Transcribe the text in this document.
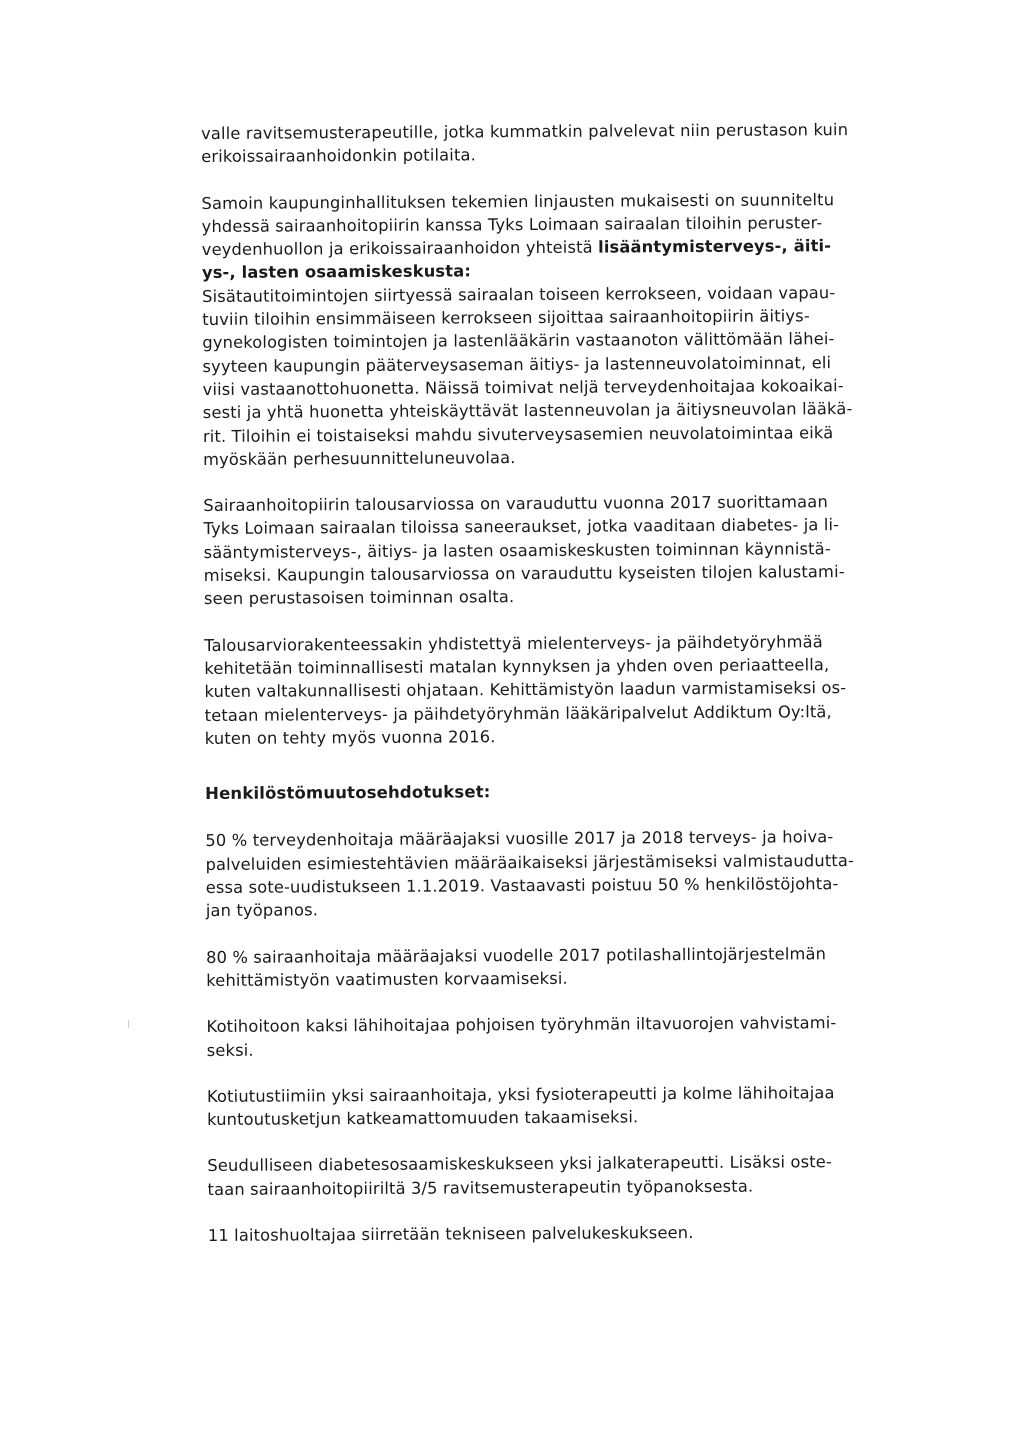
valle ravitsemusterapeutille, jotka kummatkin palvelevat niin perustason kuin
erikoissairaanhoidonkin potilaita.
Samoin kaupunginhallituksen tekemien linjausten mukaisesti on suunniteltu
yhdessä sairaanhoitopiirin kanssa Tyks Loimaan sairaalan tiloihin peruster-
veydenhuollon ja erikoissairaanhoidon yhteistä lisääntymisterveys-, äiti-
ys-, lasten osaamiskeskusta:
Sisätautitoimintojen siirtyessä sairaalan toiseen kerrokseen, voidaan vapau-
tuviin tiloihin ensimmäiseen kerrokseen sijoittaa sairaanhoitopiirin äitiys-
gynekologisten toimintojen ja lastenlääkärin vastaanoton välittömään lähei-
syyteen kaupungin pääterveysaseman äitiys- ja lastenneuvolatoiminnat, eli
viisi vastaanottohuonetta. Näissä toimivat neljä terveydenhoitajaa kokoaikai-
sesti ja yhtä huonetta yhteiskäyttävät lastenneuvolan ja äitiysneuvolan lääkä-
rit. Tiloihin ei toistaiseksi mahdu sivuterveysasemien neuvolatoimintaa eikä
myöskään perhesuunnitteluneuvolaa.
Sairaanhoitopiirin talousarviossa on varauduttu vuonna 2017 suorittamaan
Tyks Loimaan sairaalan tiloissa saneeraukset, jotka vaaditaan diabetes- ja li-
sääntymisterveys-, äitiys- ja lasten osaamiskeskusten toiminnan käynnistä-
miseksi. Kaupungin talousarviossa on varauduttu kyseisten tilojen kalustami-
seen perustasoisen toiminnan osalta.
Talousarviorakenteessakin yhdistettyä mielenterveys- ja päihdetyöryhmää
kehitetään toiminnallisesti matalan kynnyksen ja yhden oven periaatteella,
kuten valtakunnallisesti ohjataan. Kehittämistyön laadun varmistamiseksi os-
tetaan mielenterveys- ja päihdetyöryhmän lääkäripalvelut Addiktum Oy:ltä,
kuten on tehty myös vuonna 2016.
Henkilöstömuutosehdotukset:
50 % terveydenhoitaja määräajaksi vuosille 2017 ja 2018 terveys- ja hoiva-
palveluiden esimiestehtävien määräaikaiseksi järjestämiseksi valmistaudutta-
essa sote-uudistukseen 1.1.2019. Vastaavasti poistuu 50 % henkilöstöjohta-
jan työpanos.
80 % sairaanhoitaja määräajaksi vuodelle 2017 potilashallintojärjestelmän
kehittämistyön vaatimusten korvaamiseksi.
Kotihoitoon kaksi lähihoitajaa pohjoisen työryhmän iltavuorojen vahvistami-
seksi.
Kotiutustiimiin yksi sairaanhoitaja, yksi fysioterapeutti ja kolme lähihoitajaa
kuntoutusketjun katkeamattomuuden takaamiseksi.
Seudulliseen diabetesosaamiskeskukseen yksi jalkaterapeutti. Lisäksi oste-
taan sairaanhoitopiiriltä 3/5 ravitsemusterapeutin työpanoksesta.
11 laitoshuoltajaa siirretään tekniseen palvelukeskukseen.
